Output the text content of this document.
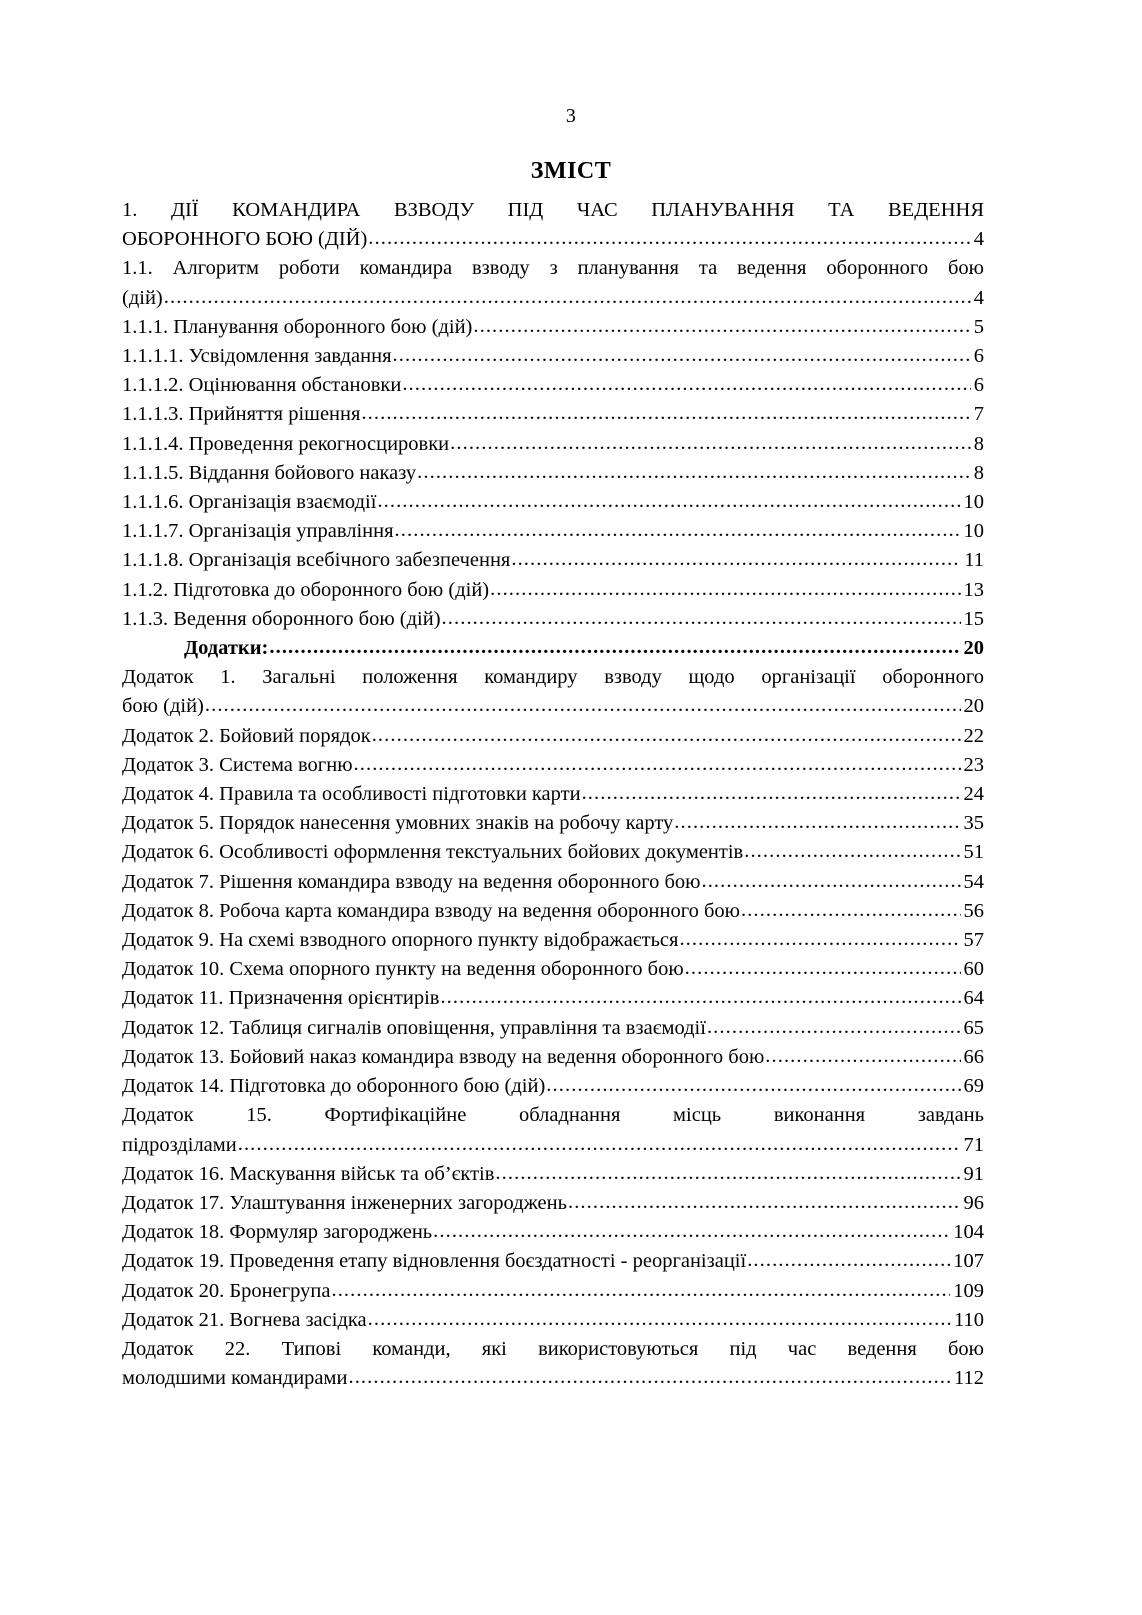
3
ЗМІСТ
1. ДІЇ КОМАНДИРА ВЗВОДУ ПІД ЧАС ПЛАНУВАННЯ ТА ВЕДЕННЯ
ОБОРОННОГО БОЮ (ДІЙ) .....	4
1.1. Алгоритм роботи командира взводу з планування та ведення оборонного бою
(дій) .....	4
1.1.1. Планування оборонного бою (дій) .....	5
1.1.1.1. Усвідомлення завдання .....	6
1.1.1.2. Оцінювання обстановки .....	6
1.1.1.3. Прийняття рішення .....	7
1.1.1.4. Проведення рекогносцировки .....	8
1.1.1.5. Віддання бойового наказу .....	8
1.1.1.6. Організація взаємодії .....	10
1.1.1.7. Організація управління .....	10
1.1.1.8. Організація всебічного забезпечення .....	11
1.1.2. Підготовка до оборонного бою (дій) .....	13
1.1.3. Ведення оборонного бою (дій) .....	15
Додатки: .....	20
Додаток 1. Загальні положення командиру взводу щодо організації оборонного
бою (дій) .....	20
Додаток 2. Бойовий порядок .....	22
Додаток 3. Система вогню .....	23
Додаток 4. Правила та особливості підготовки карти .....	24
Додаток 5. Порядок нанесення умовних знаків на робочу карту .....	35
Додаток 6. Особливості оформлення текстуальних бойових документів .....	51
Додаток 7. Рішення командира взводу на ведення оборонного бою .....	54
Додаток 8. Робоча карта командира взводу на ведення оборонного бою .....	56
Додаток 9. На схемі взводного опорного пункту відображається .....	57
Додаток 10. Схема опорного пункту на ведення оборонного бою .....	60
Додаток 11. Призначення орієнтирів .....	64
Додаток 12. Таблиця сигналів оповіщення, управління та взаємодії .....	65
Додаток 13. Бойовий наказ командира взводу на ведення оборонного бою .....	66
Додаток 14. Підготовка до оборонного бою (дій) .....	69
Додаток 15. Фортифікаційне обладнання місць виконання завдань
підрозділами .....	71
Додаток 16. Маскування військ та об’єктів .....	91
Додаток 17. Улаштування інженерних загороджень .....	96
Додаток 18. Формуляр загороджень .....	104
Додаток 19. Проведення етапу відновлення боєздатності - реорганізації .....	107
Додаток 20. Бронегрупа .....	109
Додаток 21. Вогнева засідка .....	110
Додаток 22. Типові команди, які використовуються під час ведення бою
молодшими командирами .....	112
